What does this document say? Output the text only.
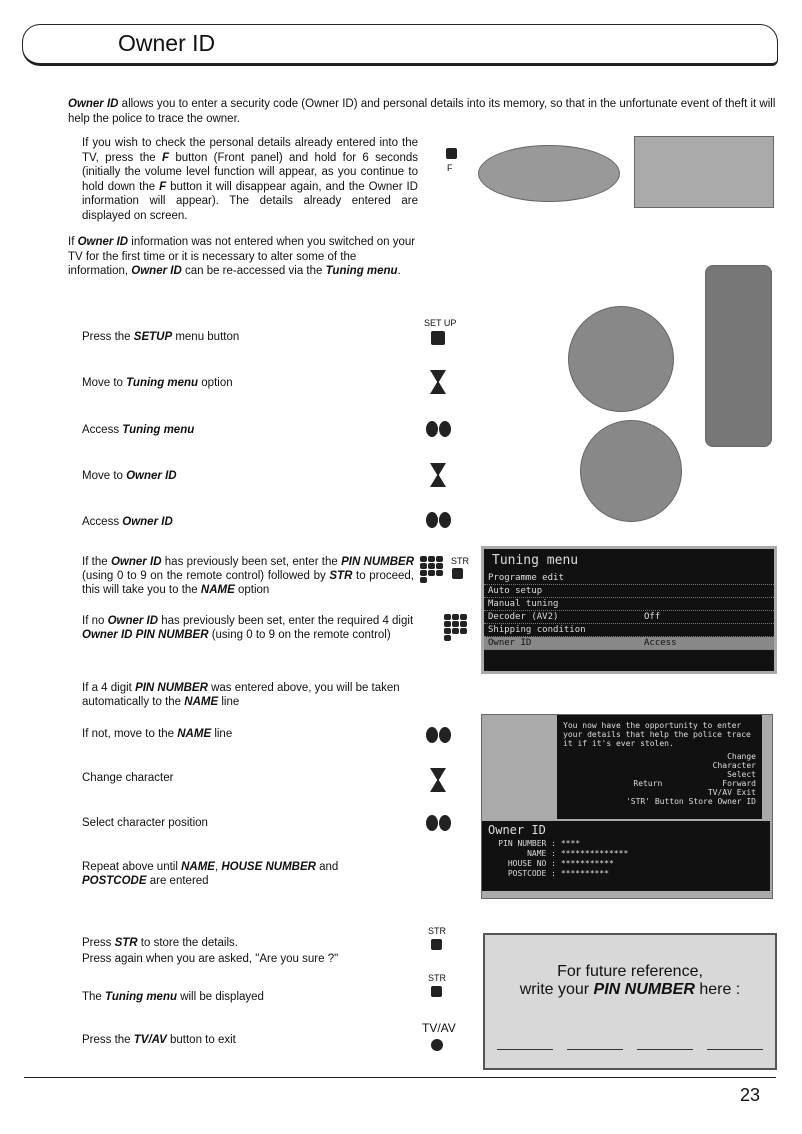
Owner ID
Owner ID allows you to enter a security code (Owner ID) and personal details into its memory, so that in the unfortunate event of theft it will help the police to trace the owner.
If you wish to check the personal details already entered into the TV, press the F button (Front panel) and hold for 6 seconds (initially the volume level function will appear, as you continue to hold down the F button it will disappear again, and the Owner ID information will appear). The details already entered are displayed on screen.
F
If Owner ID information was not entered when you switched on your TV for the first time or it is necessary to alter some of the information, Owner ID can be re-accessed via the Tuning menu.
Press the SETUP menu button
SET UP
Move to Tuning menu option
Access Tuning menu
Move to Owner ID
Access Owner ID
If the Owner ID has previously been set, enter the PIN NUMBER (using 0 to 9 on the remote control) followed by STR to proceed, this will take you to the NAME option
STR
If no Owner ID has previously been set, enter the required 4 digit Owner ID PIN NUMBER (using 0 to 9 on the remote control)
Tuning menu
Programme edit
Auto setup
Manual tuning
Decoder (AV2)	Off
Shipping condition
Owner ID	Access
If a 4 digit PIN NUMBER was entered above, you will be taken automatically to the NAME line
If not, move to the NAME line
Change character
Select character position
Repeat above until NAME, HOUSE NUMBER and POSTCODE are entered
You now have the opportunity to enter your details that help the police trace it if it's ever stolen.
Change
Character
Select
Return	Forward
TV/AV Exit
'STR' Button Store Owner ID
Owner ID
PIN NUMBER : ****
NAME : **************
HOUSE NO : ***********
POSTCODE : **********
Press STR to store the details.
Press again when you are asked, "Are you sure ?"
STR
The Tuning menu will be displayed
STR
Press the TV/AV button to exit
TV/AV
For future reference,
write your PIN NUMBER here :
23
